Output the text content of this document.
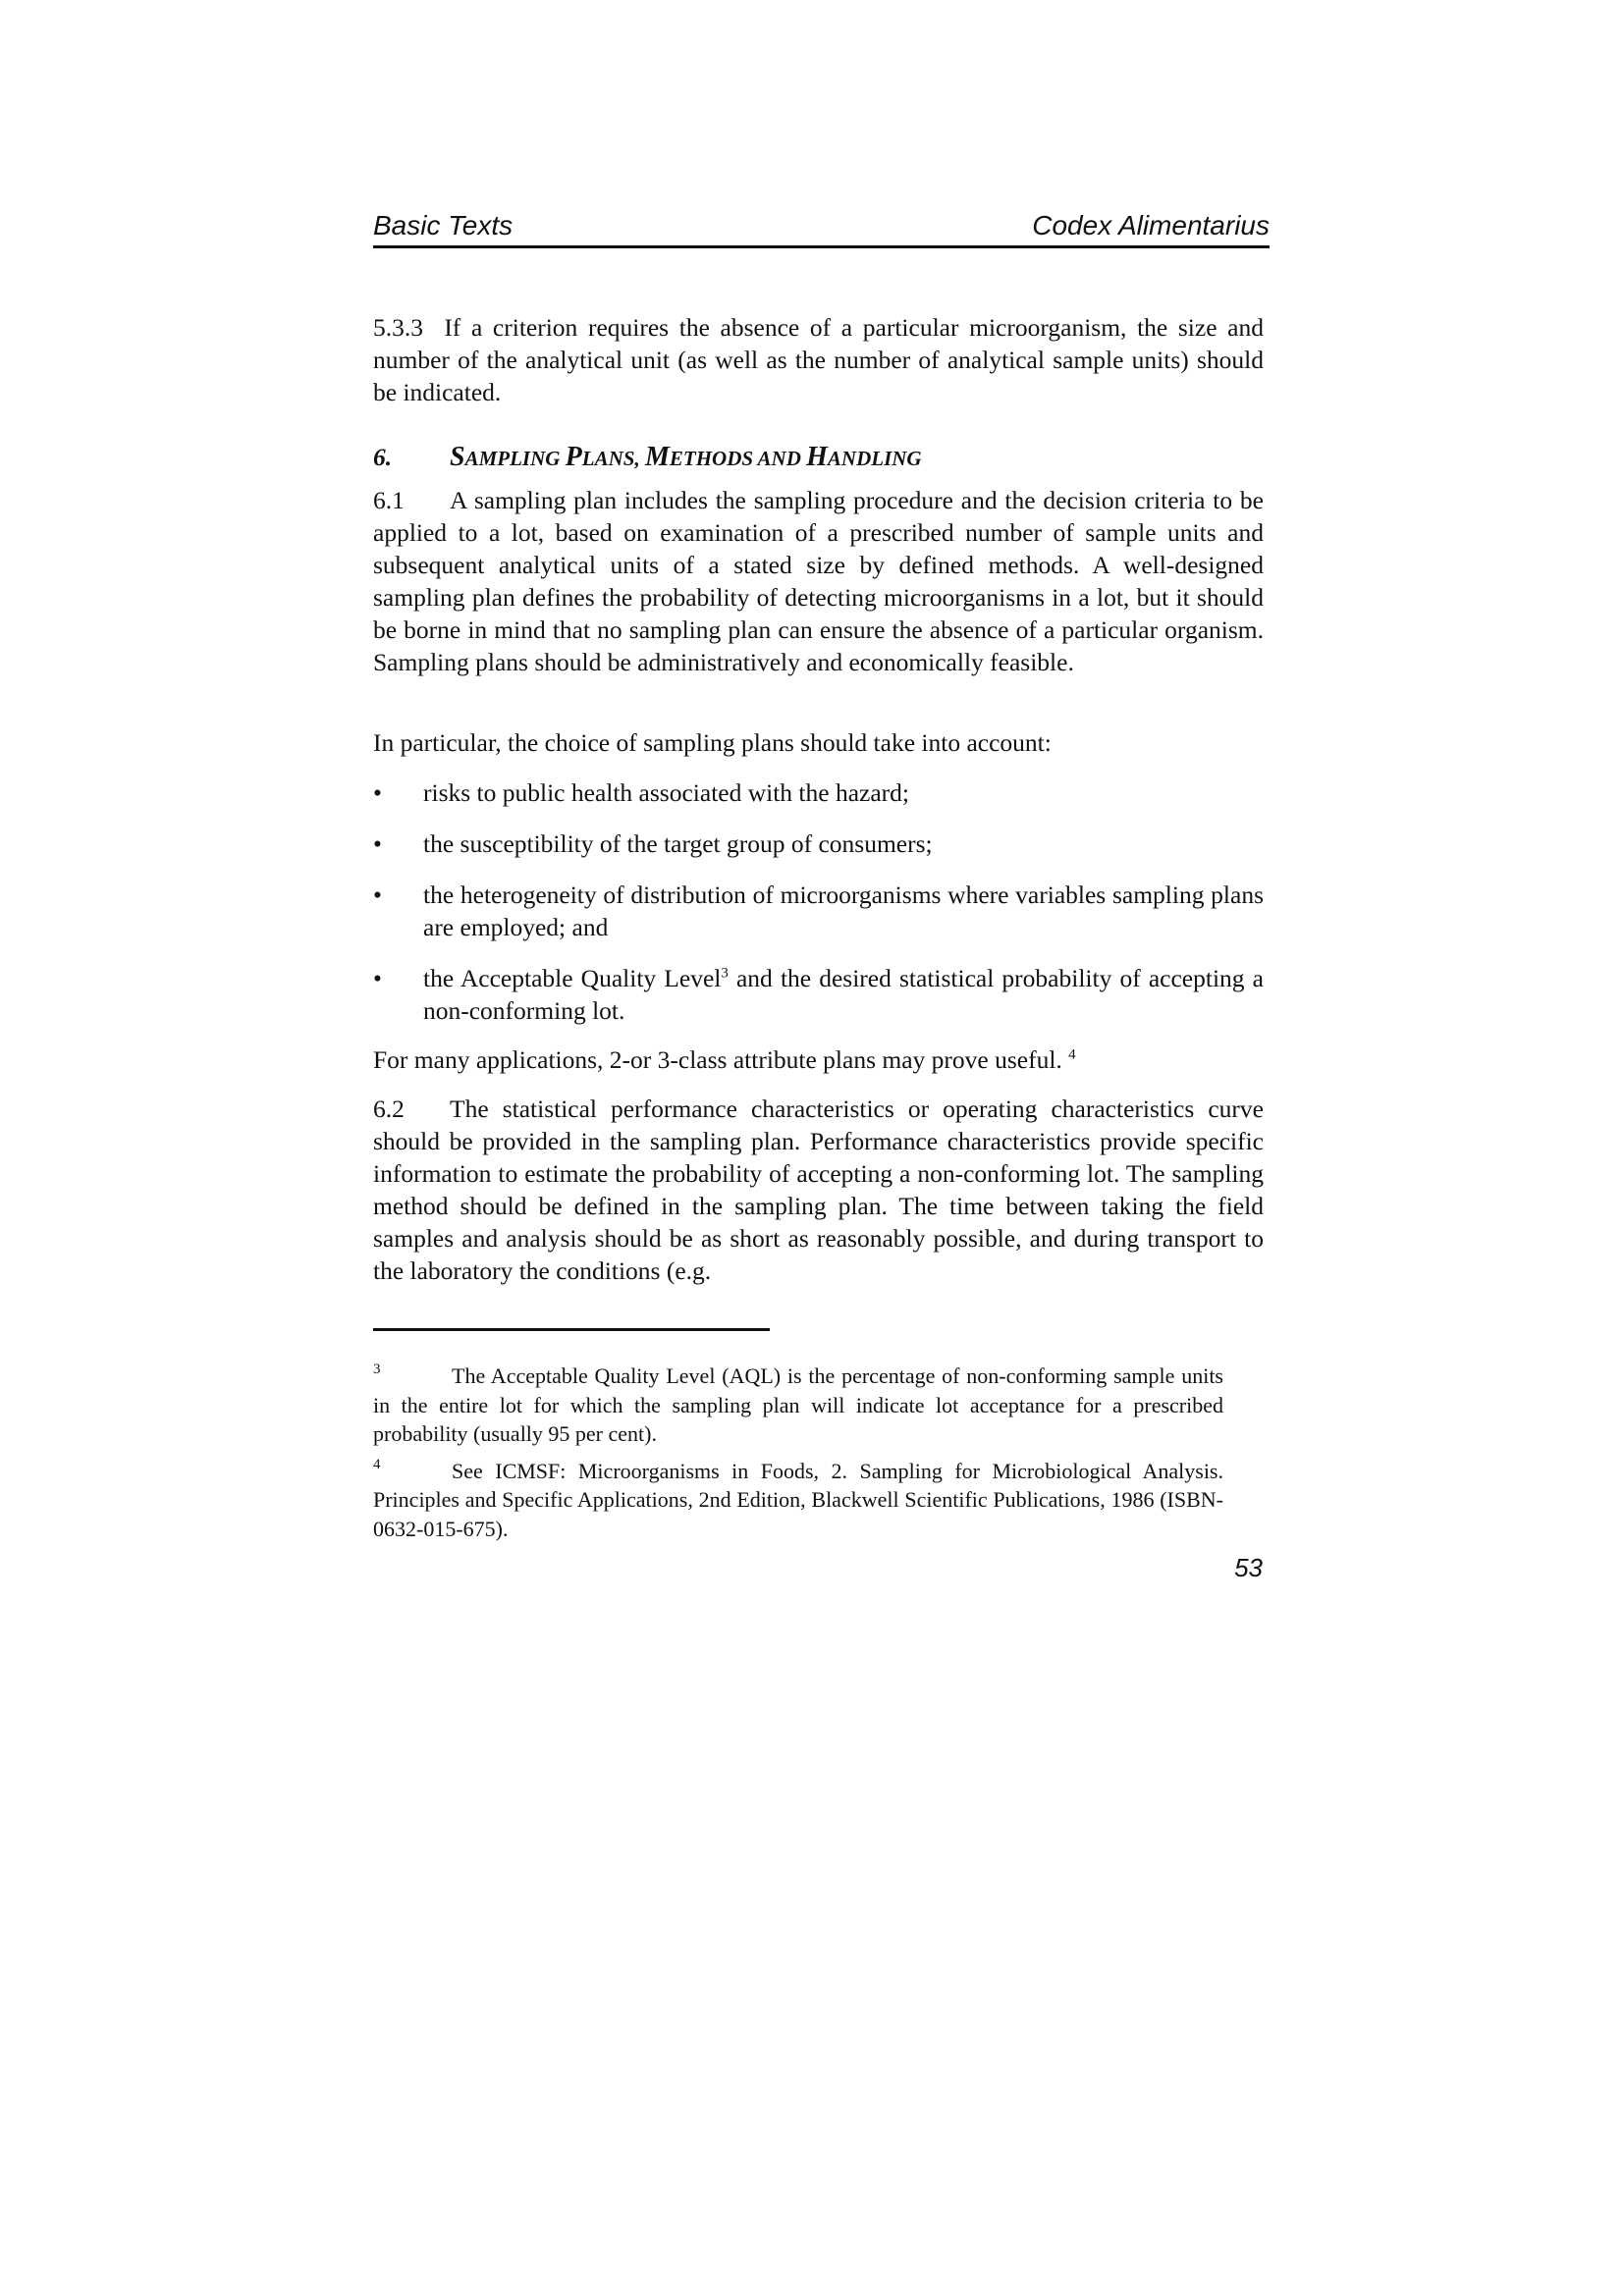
Basic Texts	Codex Alimentarius

5.3.3 If a criterion requires the absence of a particular microorganism, the size and number of the analytical unit (as well as the number of analytical sample units) should be indicated.

6. SAMPLING PLANS, METHODS AND HANDLING

6.1 A sampling plan includes the sampling procedure and the decision criteria to be applied to a lot, based on examination of a prescribed number of sample units and subsequent analytical units of a stated size by defined methods. A well-designed sampling plan defines the probability of detecting microorganisms in a lot, but it should be borne in mind that no sampling plan can ensure the absence of a particular organism. Sampling plans should be administratively and economically feasible.

In particular, the choice of sampling plans should take into account:

• risks to public health associated with the hazard;
• the susceptibility of the target group of consumers;
• the heterogeneity of distribution of microorganisms where variables sampling plans are employed; and
• the Acceptable Quality Level$^3$ and the desired statistical probability of accepting a non-conforming lot.

For many applications, 2-or 3-class attribute plans may prove useful. $^4$

6.2 The statistical performance characteristics or operating characteristics curve should be provided in the sampling plan. Performance characteristics provide specific information to estimate the probability of accepting a non-conforming lot. The sampling method should be defined in the sampling plan. The time between taking the field samples and analysis should be as short as reasonably possible, and during transport to the laboratory the conditions (e.g.

3	The Acceptable Quality Level (AQL) is the percentage of non-conforming sample units in the entire lot for which the sampling plan will indicate lot acceptance for a prescribed probability (usually 95 per cent).

4	See ICMSF: Microorganisms in Foods, 2. Sampling for Microbiological Analysis. Principles and Specific Applications, 2nd Edition, Blackwell Scientific Publications, 1986 (ISBN-0632-015-675).

53
